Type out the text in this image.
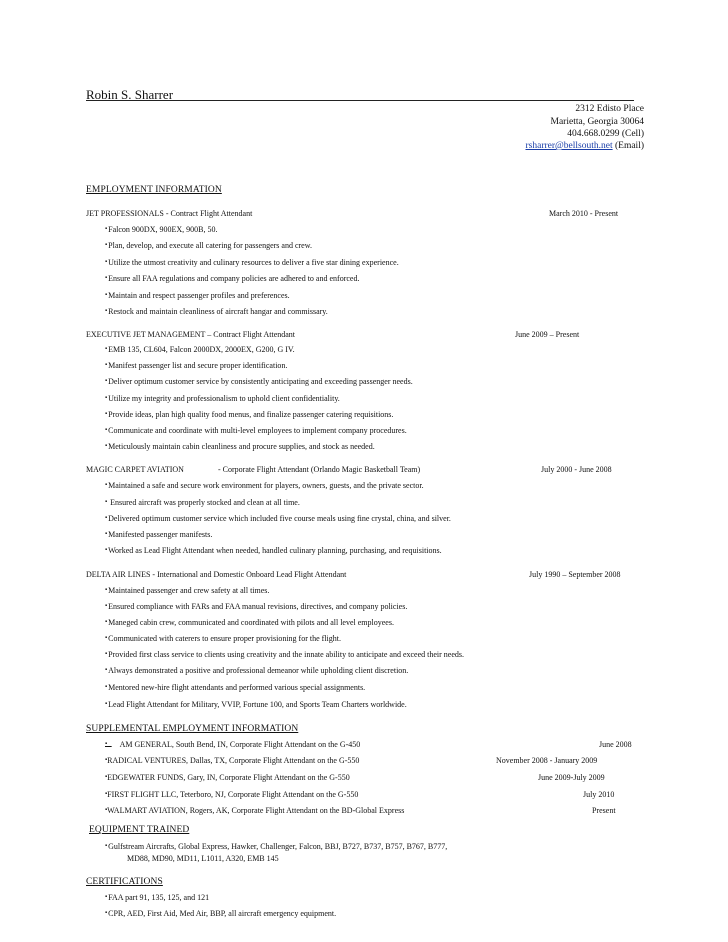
Robin S. Sharrer
2312 Edisto Place
Marietta, Georgia 30064
404.668.0299 (Cell)
rsharrer@bellsouth.net (Email)
EMPLOYMENT INFORMATION
JET PROFESSIONALS - Contract Flight Attendant	March 2010 - Present
▪Falcon 900DX, 900EX, 900B, 50.
▪Plan, develop, and execute all catering for passengers and crew.
▪Utilize the utmost creativity and culinary resources to deliver a five star dining experience.
▪Ensure all FAA regulations and company policies are adhered to and enforced.
▪Maintain and respect passenger profiles and preferences.
▪Restock and maintain cleanliness of aircraft hangar and commissary.
EXECUTIVE JET MANAGEMENT – Contract Flight Attendant	June 2009 – Present
▪EMB 135, CL604, Falcon 2000DX, 2000EX, G200, G IV.
▪Manifest passenger list and secure proper identification.
▪Deliver optimum customer service by consistently anticipating and exceeding passenger needs.
▪Utilize my integrity and professionalism to uphold client confidentiality.
▪Provide ideas, plan high quality food menus, and finalize passenger catering requisitions.
▪Communicate and coordinate with multi-level employees to implement company procedures.
▪Meticulously maintain cabin cleanliness and procure supplies, and stock as needed.
MAGIC CARPET AVIATION	- Corporate Flight Attendant (Orlando Magic Basketball Team)	July 2000 - June 2008
▪Maintained a safe and secure work environment for players, owners, guests, and the private sector.
▪ Ensured aircraft was properly stocked and clean at all time.
▪Delivered optimum customer service which included five course meals using fine crystal, china, and silver.
▪Manifested passenger manifests.
▪Worked as Lead Flight Attendant when needed, handled culinary planning, purchasing, and requisitions.
DELTA AIR LINES - International and Domestic Onboard Lead Flight Attendant	July 1990 – September 2008
▪Maintained passenger and crew safety at all times.
▪Ensured compliance with FARs and FAA manual revisions, directives, and company policies.
▪Maneged cabin crew, communicated and coordinated with pilots and all level employees.
▪Communicated with caterers to ensure proper provisioning for the flight.
▪Provided first class service to clients using creativity and the innate ability to anticipate and exceed their needs.
▪Always demonstrated a positive and professional demeanor while upholding client discretion.
▪Mentored new-hire flight attendants and performed various special assignments.
▪Lead Flight Attendant for Military, VVIP, Fortune 100, and Sports Team Charters worldwide.
SUPPLEMENTAL EMPLOYMENT INFORMATION
▪       AM GENERAL, South Bend, IN, Corporate Flight Attendant on the G-450	June 2008
▪RADICAL VENTURES, Dallas, TX, Corporate Flight Attendant on the G-550	November 2008 - January 2009
▪EDGEWATER FUNDS, Gary, IN, Corporate Flight Attendant on the G-550	June 2009-July 2009
▪FIRST FLIGHT LLC, Teterboro, NJ, Corporate Flight Attendant on the G-550	July 2010
▪WALMART AVIATION, Rogers, AK, Corporate Flight Attendant on the BD-Global Express	Present
EQUIPMENT TRAINED
▪Gulfstream Aircrafts, Global Express, Hawker, Challenger, Falcon, BBJ, B727, B737, B757, B767, B777,
MD88, MD90, MD11, L1011, A320, EMB 145
CERTIFICATIONS
▪FAA part 91, 135, 125, and 121
▪CPR, AED, First Aid, Med Air, BBP, all aircraft emergency equipment.
